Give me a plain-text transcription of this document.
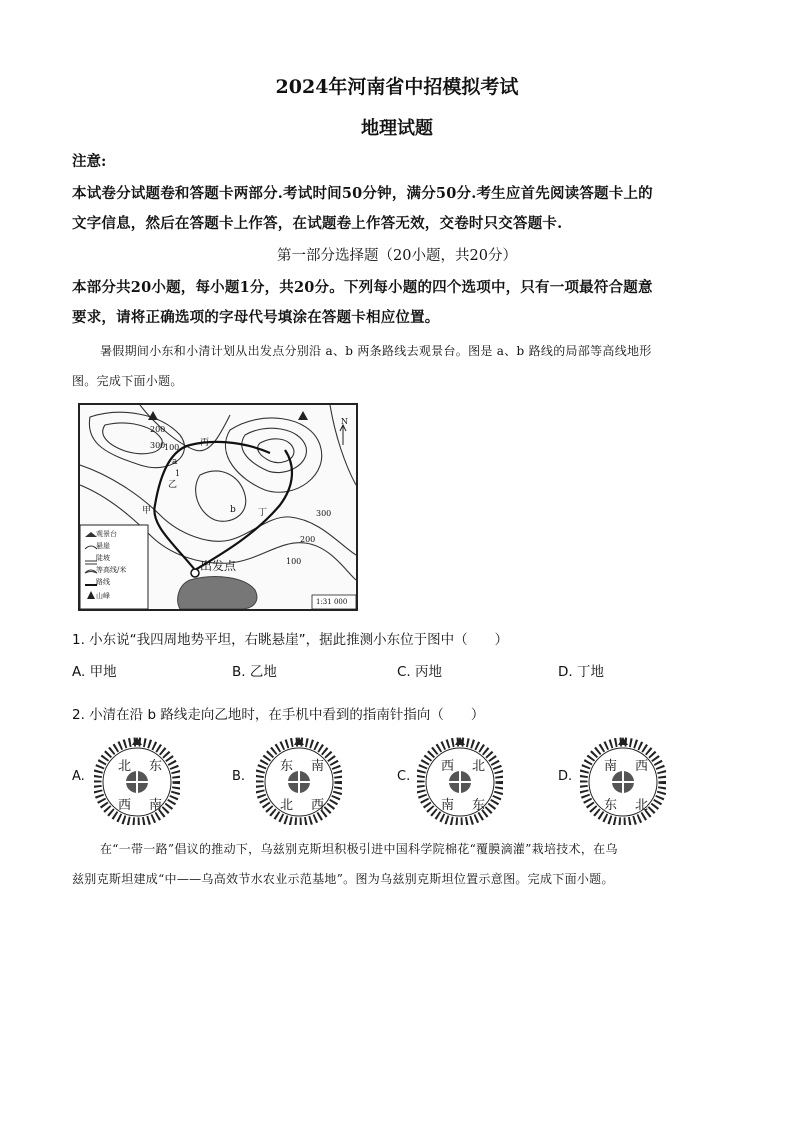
2024年河南省中招模拟考试
地理试题
注意:
本试卷分试题卷和答题卡两部分.考试时间50分钟，满分50分.考生应首先阅读答题卡上的
文字信息，然后在答题卡上作答，在试题卷上作答无效，交卷时只交答题卡.
第一部分选择题（20小题，共20分）
本部分共20小题，每小题1分，共20分。下列每小题的四个选项中，只有一项最符合题意
要求，请将正确选项的字母代号填涂在答题卡相应位置。
暑假期间小东和小清计划从出发点分别沿 a、b 两条路线去观景台。图是 a、b 路线的局部等高线地形
图。完成下面小题。
观景台
悬崖
陡坡
等高线/米
路线
山峰
出发点
a
b
1
N
丙
乙
甲	丁
200
200
300
300
100
100
1:31 000
1. 小东说“我四周地势平坦，右眺悬崖”，据此推测小东位于图中（　　）
A. 甲地	B. 乙地	C. 丙地	D. 丁地
2. 小清在沿 b 路线走向乙地时，在手机中看到的指南针指向（　　）
A.
北 东
西 南
B.
东 南
北 西
C.
西 北
南 东
D.
南 西
东 北
在“一带一路”倡议的推动下，乌兹别克斯坦积极引进中国科学院棉花“覆膜滴灌”栽培技术，在乌
兹别克斯坦建成“中——乌高效节水农业示范基地”。图为乌兹别克斯坦位置示意图。完成下面小题。
